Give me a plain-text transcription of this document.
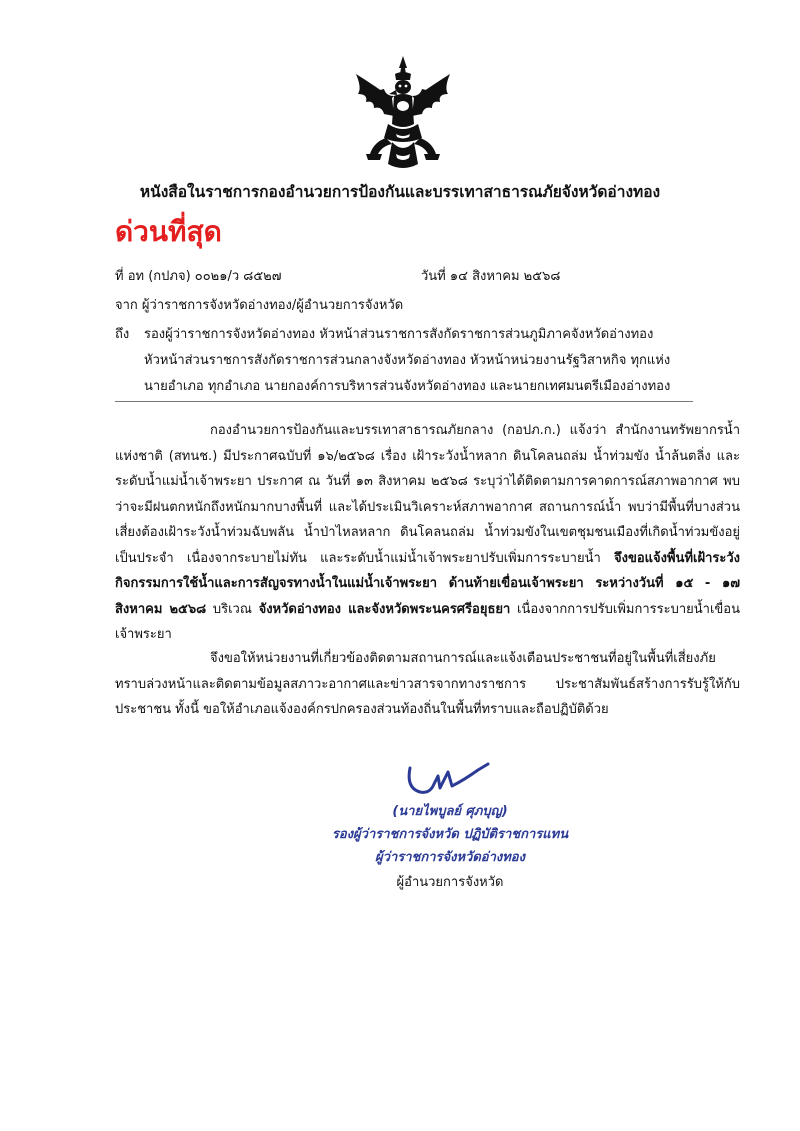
หนังสือในราชการกองอำนวยการป้องกันและบรรเทาสาธารณภัยจังหวัดอ่างทอง
ด่วนที่สุด
ที่ อท (กปภจ) ๐๐๒๑/ว ๘๕๒๗	วันที่ ๑๔ สิงหาคม ๒๕๖๘
จาก ผู้ว่าราชการจังหวัดอ่างทอง/ผู้อำนวยการจังหวัด
ถึง รองผู้ว่าราชการจังหวัดอ่างทอง หัวหน้าส่วนราชการสังกัดราชการส่วนภูมิภาคจังหวัดอ่างทอง
หัวหน้าส่วนราชการสังกัดราชการส่วนกลางจังหวัดอ่างทอง หัวหน้าหน่วยงานรัฐวิสาหกิจ ทุกแห่ง
นายอำเภอ ทุกอำเภอ นายกองค์การบริหารส่วนจังหวัดอ่างทอง และนายกเทศมนตรีเมืองอ่างทอง

กองอำนวยการป้องกันและบรรเทาสาธารณภัยกลาง (กอปภ.ก.) แจ้งว่า สำนักงานทรัพยากรน้ำแห่งชาติ (สทนช.) มีประกาศฉบับที่ ๑๖/๒๕๖๘ เรื่อง เฝ้าระวังน้ำหลาก ดินโคลนถล่ม น้ำท่วมขัง น้ำล้นตลิ่ง และระดับน้ำแม่น้ำเจ้าพระยา ประกาศ ณ วันที่ ๑๓ สิงหาคม ๒๕๖๘ ระบุว่าได้ติดตามการคาดการณ์สภาพอากาศ พบว่าจะมีฝนตกหนักถึงหนักมากบางพื้นที่ และได้ประเมินวิเคราะห์สภาพอากาศ สถานการณ์น้ำ พบว่ามีพื้นที่บางส่วนเสี่ยงต้องเฝ้าระวังน้ำท่วมฉับพลัน น้ำป่าไหลหลาก ดินโคลนถล่ม น้ำท่วมขังในเขตชุมชนเมืองที่เกิดน้ำท่วมขังอยู่เป็นประจำ เนื่องจากระบายไม่ทัน และระดับน้ำแม่น้ำเจ้าพระยาปรับเพิ่มการระบายน้ำ จึงขอแจ้งพื้นที่เฝ้าระวังกิจกรรมการใช้น้ำและการสัญจรทางน้ำในแม่น้ำเจ้าพระยา ด้านท้ายเขื่อนเจ้าพระยา ระหว่างวันที่ ๑๕ - ๑๗ สิงหาคม ๒๕๖๘ บริเวณ จังหวัดอ่างทอง และจังหวัดพระนครศรีอยุธยา เนื่องจากการปรับเพิ่มการระบายน้ำเขื่อนเจ้าพระยา

จึงขอให้หน่วยงานที่เกี่ยวข้องติดตามสถานการณ์และแจ้งเตือนประชาชนที่อยู่ในพื้นที่เสี่ยงภัยทราบล่วงหน้าและติดตามข้อมูลสภาวะอากาศและข่าวสารจากทางราชการ ประชาสัมพันธ์สร้างการรับรู้ให้กับประชาชน ทั้งนี้ ขอให้อำเภอแจ้งองค์กรปกครองส่วนท้องถิ่นในพื้นที่ทราบและถือปฏิบัติด้วย

(นายไพบูลย์ ศุภบุญ)
รองผู้ว่าราชการจังหวัด ปฏิบัติราชการแทน
ผู้ว่าราชการจังหวัดอ่างทอง
ผู้อำนวยการจังหวัด
